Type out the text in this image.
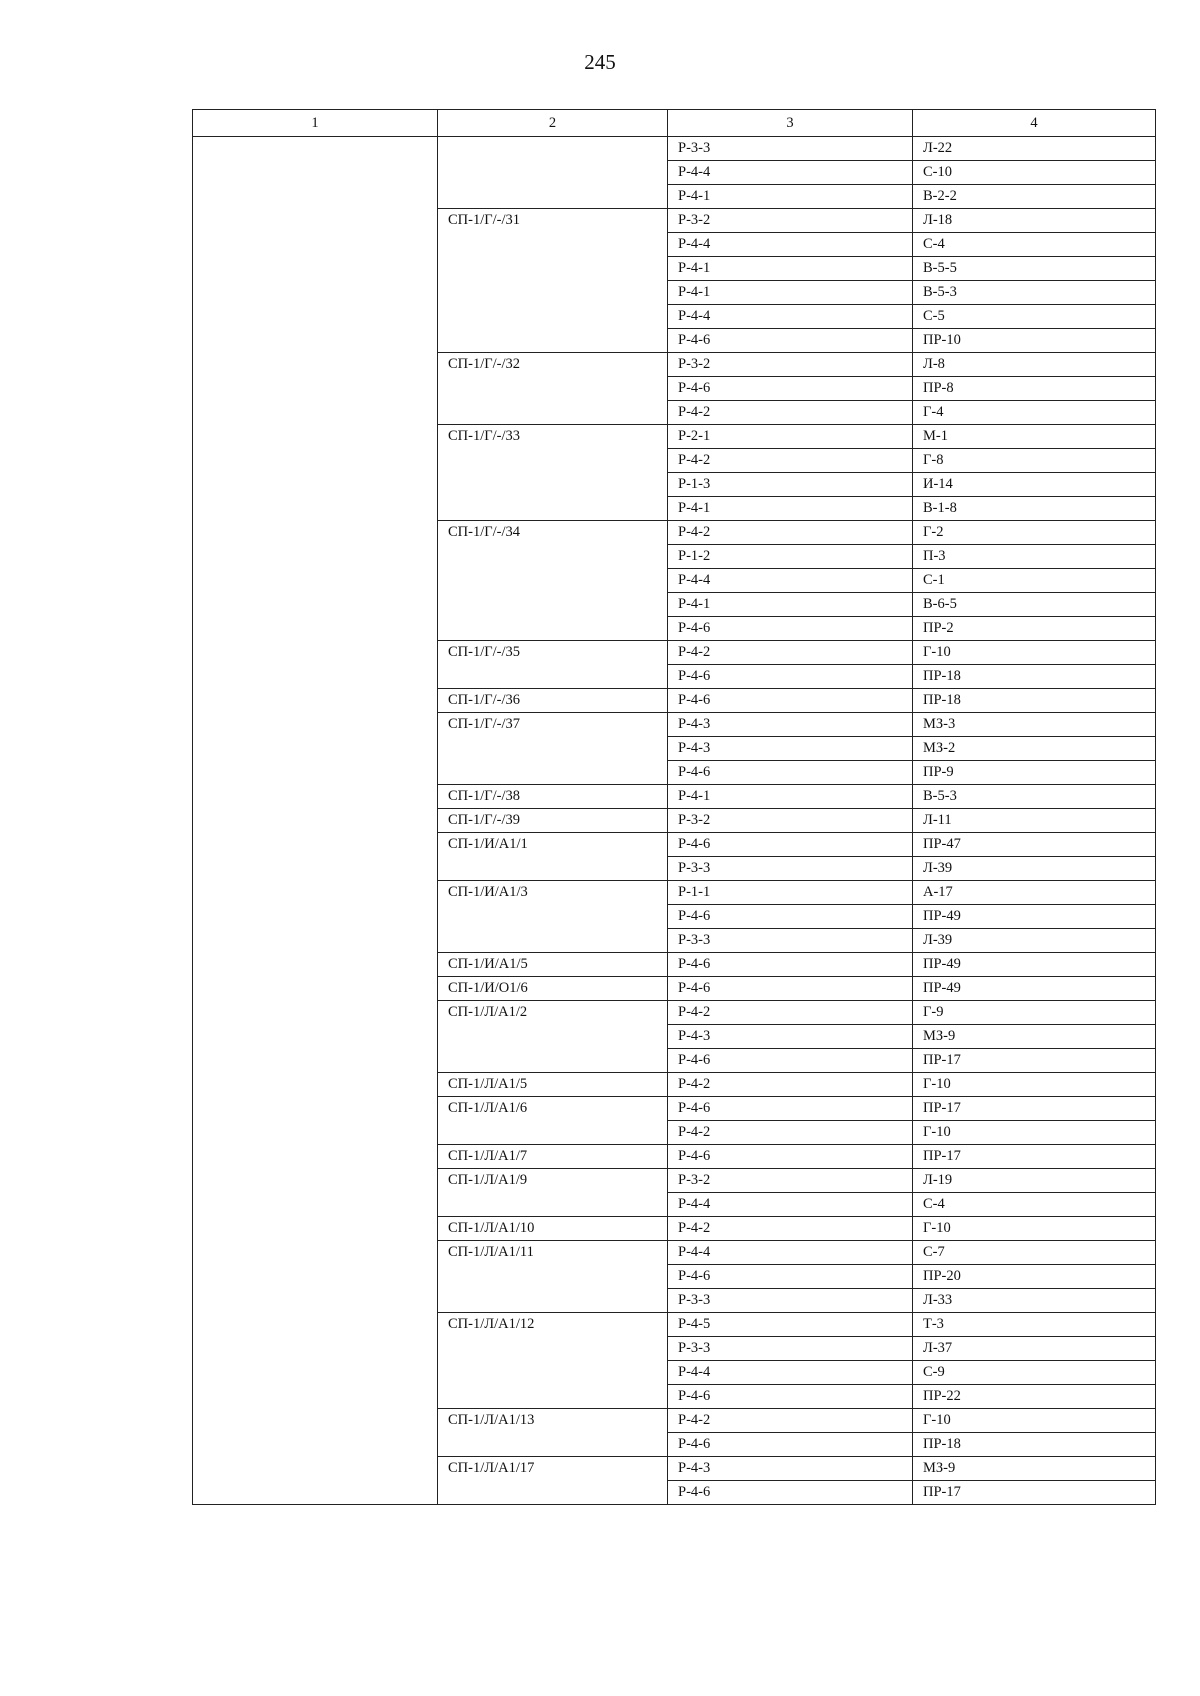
245
1	2	3	4
		Р-3-3	Л-22
		Р-4-4	С-10
		Р-4-1	В-2-2
	СП-1/Г/-/31	Р-3-2	Л-18
		Р-4-4	С-4
		Р-4-1	В-5-5
		Р-4-1	В-5-3
		Р-4-4	С-5
		Р-4-6	ПР-10
	СП-1/Г/-/32	Р-3-2	Л-8
		Р-4-6	ПР-8
		Р-4-2	Г-4
	СП-1/Г/-/33	Р-2-1	М-1
		Р-4-2	Г-8
		Р-1-3	И-14
		Р-4-1	В-1-8
	СП-1/Г/-/34	Р-4-2	Г-2
		Р-1-2	П-3
		Р-4-4	С-1
		Р-4-1	В-6-5
		Р-4-6	ПР-2
	СП-1/Г/-/35	Р-4-2	Г-10
		Р-4-6	ПР-18
	СП-1/Г/-/36	Р-4-6	ПР-18
	СП-1/Г/-/37	Р-4-3	МЗ-3
		Р-4-3	МЗ-2
		Р-4-6	ПР-9
	СП-1/Г/-/38	Р-4-1	В-5-3
	СП-1/Г/-/39	Р-3-2	Л-11
	СП-1/И/А1/1	Р-4-6	ПР-47
		Р-3-3	Л-39
	СП-1/И/А1/3	Р-1-1	А-17
		Р-4-6	ПР-49
		Р-3-3	Л-39
	СП-1/И/А1/5	Р-4-6	ПР-49
	СП-1/И/О1/6	Р-4-6	ПР-49
	СП-1/Л/А1/2	Р-4-2	Г-9
		Р-4-3	МЗ-9
		Р-4-6	ПР-17
	СП-1/Л/А1/5	Р-4-2	Г-10
	СП-1/Л/А1/6	Р-4-6	ПР-17
		Р-4-2	Г-10
	СП-1/Л/А1/7	Р-4-6	ПР-17
	СП-1/Л/А1/9	Р-3-2	Л-19
		Р-4-4	С-4
	СП-1/Л/А1/10	Р-4-2	Г-10
	СП-1/Л/А1/11	Р-4-4	С-7
		Р-4-6	ПР-20
		Р-3-3	Л-33
	СП-1/Л/А1/12	Р-4-5	Т-3
		Р-3-3	Л-37
		Р-4-4	С-9
		Р-4-6	ПР-22
	СП-1/Л/А1/13	Р-4-2	Г-10
		Р-4-6	ПР-18
	СП-1/Л/А1/17	Р-4-3	МЗ-9
		Р-4-6	ПР-17
